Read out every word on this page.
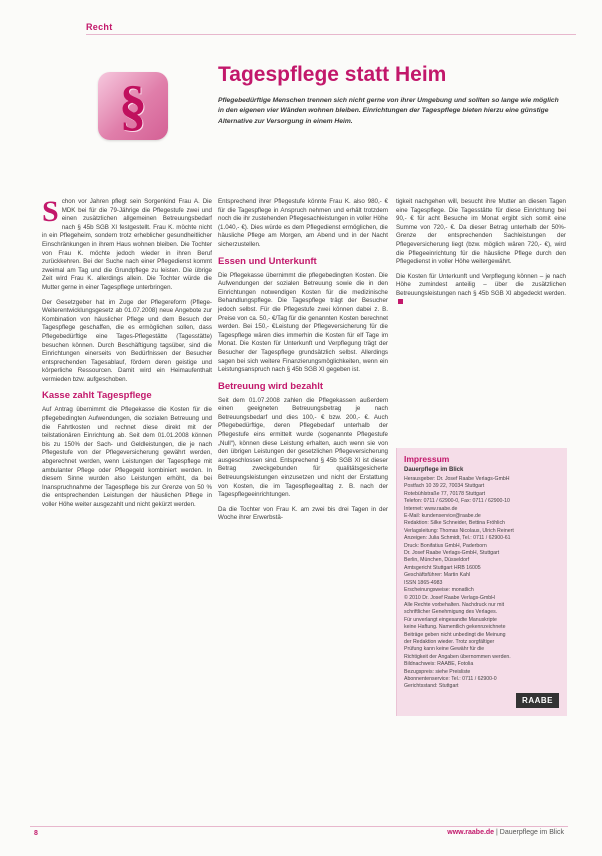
Recht
§
Tagespflege statt Heim
Pflegebedürftige Menschen trennen sich nicht gerne von ihrer Umgebung und sollten so lange wie möglich in den eigenen vier Wänden wohnen bleiben. Einrichtungen der Tagespflege bieten hierzu eine günstige Alternative zur Versorgung in einem Heim.

Schon vor Jahren pflegt sein Sorgenkind Frau A. Die MDK bei für die 79-Jährige die Pflegestufe zwei und einen zusätzlichen allgemeinen Betreuungsbedarf nach § 45b SGB XI festgestellt. Frau K. möchte nicht in ein Pflegeheim, sondern trotz erheblicher gesundheitlicher Einschränkungen in ihrem Haus wohnen bleiben. Die Tochter von Frau K. möchte jedoch wieder in ihren Beruf zurückkehren. Bei der Suche nach einer Pflegedienst kommt zweimal am Tag und die Grundpflege zu leisten. Die übrige Zeit wird Frau K. allerdings allein. Die Tochter würde die Mutter gerne in einer Tagespflege unterbringen.

Der Gesetzgeber hat im Zuge der Pflegereform (Pflege-Weiterentwicklungsgesetz ab 01.07.2008) neue Angebote zur Kombination von häuslicher Pflege und dem Besuch der Tagespflege geschaffen, die es ermöglichen sollen, dass Pflegebedürftige eine Tages-Pflegestätte (Tagesstätte) besuchen können. Durch Beschäftigung tagsüber, sind die Einrichtungen einerseits von Bedürfnissen der Besucher entsprechenden Tagesablauf, fördern deren geistige und körperliche Ressourcen. Damit wird ein Heimaufenthalt vermieden bzw. aufgeschoben.

Kasse zahlt Tagespflege

Auf Antrag übernimmt die Pflegekasse die Kosten für die pflegebedingten Aufwendungen, die sozialen Betreuung und die Fahrtkosten und rechnet diese direkt mit der teilstationären Einrichtung ab. Seit dem 01.01.2008 können bis zu 150% der Sach- und Geldleistungen, die je nach Pflegestufe von der Pflegeversicherung gewährt werden, abgerechnet werden, wenn Leistungen der Tagespflege mit ambulanter Pflege oder Pflegegeld kombiniert werden. In diesem Sinne wurden also Leistungen erhöht, da bei Inanspruchnahme der Tagespflege bis zur Grenze von 50 % die entsprechenden Leistungen der häuslichen Pflege in voller Höhe weiter ausgezahlt und nicht gekürzt werden.

Entsprechend ihrer Pflegestufe könnte Frau K. also 980,- € für die Tagespflege in Anspruch nehmen und erhält trotzdem noch die ihr zustehenden Pflegesachleistungen in voller Höhe (1.040,- €). Dies würde es dem Pflegedienst ermöglichen, die häusliche Pflege am Morgen, am Abend und in der Nacht sicherzustellen.

Essen und Unterkunft

Die Pflegekasse übernimmt die pflegebedingten Kosten. Die Aufwendungen der sozialen Betreuung sowie die in den Einrichtungen notwendigen Kosten für die medizinische Behandlungspflege. Die Tagespflege trägt der Besucher jedoch selbst. Für die Pflegestufe zwei können dabei z. B. Preise von ca. 50,- €/Tag für die genannten Kosten berechnet werden. Bei 150,- €Leistung der Pflegeversicherung für die Tagespflege wären dies immerhin die Kosten für elf Tage im Monat. Die Kosten für Unterkunft und Verpflegung trägt der Besucher der Tagespflege grundsätzlich selbst. Allerdings sagen bei sich weitere Finanzierungsmöglichkeiten, wenn ein Leistungsanspruch nach § 45b SGB XI gegeben ist.

Betreuung wird bezahlt

Seit dem 01.07.2008 zahlen die Pflegekassen außerdem einen geeigneten Betreuungsbetrag je nach Betreuungsbedarf und dies 100,- € bzw. 200,- €. Auch Pflegebedürftige, deren Pflegebedarf unterhalb der Pflegestufe eins ermittelt wurde (sogenannte Pflegestufe „Null“), können diese Leistung erhalten, auch wenn sie von den übrigen Leistungen der gesetzlichen Pflegeversicherung ausgeschlossen sind. Entsprechend § 45b SGB XI ist dieser Betrag zweckgebunden für qualitätsgesicherte Betreuungsleistungen einzusetzen und nicht der Erstattung von Kosten, die im Tagespflegealltag z. B. nach der Tagespflegeeinrichtungen.

Da die Tochter von Frau K. am zwei bis drei Tagen in der Woche ihrer Erwerbstä-

tigkeit nachgehen will, besucht ihre Mutter an diesen Tagen eine Tagespflege. Die Tagesstätte für diese Einrichtung bei 90,- € für acht Besuche im Monat ergibt sich somit eine Summe von 720,- €. Da dieser Betrag unterhalb der 50%-Grenze der entsprechenden Sachleistungen der Pflegeversicherung liegt (bzw. möglich wären 720,- €), wird die Pflegeeinrichtung für die häusliche Pflege durch den Pflegedienst in voller Höhe weitergewährt.

Die Kosten für Unterkunft und Verpflegung können – je nach Höhe zumindest anteilig – über die zusätzlichen Betreuungsleistungen nach § 45b SGB XI abgedeckt werden.

Impressum
Dauerpflege im Blick
Herausgeber: Dr. Josef Raabe Verlags-GmbH
Postfach 10 39 22, 70034 Stuttgart
Rotebühlstraße 77, 70178 Stuttgart
Telefon: 0711 / 62900-0, Fax: 0711 / 62900-10
Internet: www.raabe.de
E-Mail: kundenservice@raabe.de
Redaktion: Silke Schneider, Bettina Fröhlich
Verlagsleitung: Thomas Nicolaus, Ulrich Reinert
Anzeigen: Julia Schmidt, Tel.: 0711 / 62900-61
Druck: Bonifatius GmbH, Paderborn
Dr. Josef Raabe Verlags-GmbH, Stuttgart
Berlin, München, Düsseldorf
Amtsgericht Stuttgart HRB 16005
Geschäftsführer: Martin Kahl
ISSN 1865-4983
Erscheinungsweise: monatlich
© 2010 Dr. Josef Raabe Verlags-GmbH
Alle Rechte vorbehalten. Nachdruck nur mit
schriftlicher Genehmigung des Verlages.
Für unverlangt eingesandte Manuskripte
keine Haftung. Namentlich gekennzeichnete
Beiträge geben nicht unbedingt die Meinung
der Redaktion wieder. Trotz sorgfältiger
Prüfung kann keine Gewähr für die
Richtigkeit der Angaben übernommen werden.
Bildnachweis: RAABE, Fotolia
Bezugspreis: siehe Preisliste
Abonnentenservice: Tel.: 0711 / 62900-0
Gerichtsstand: Stuttgart
RAABE
8	www.raabe.de | Dauerpflege im Blick
